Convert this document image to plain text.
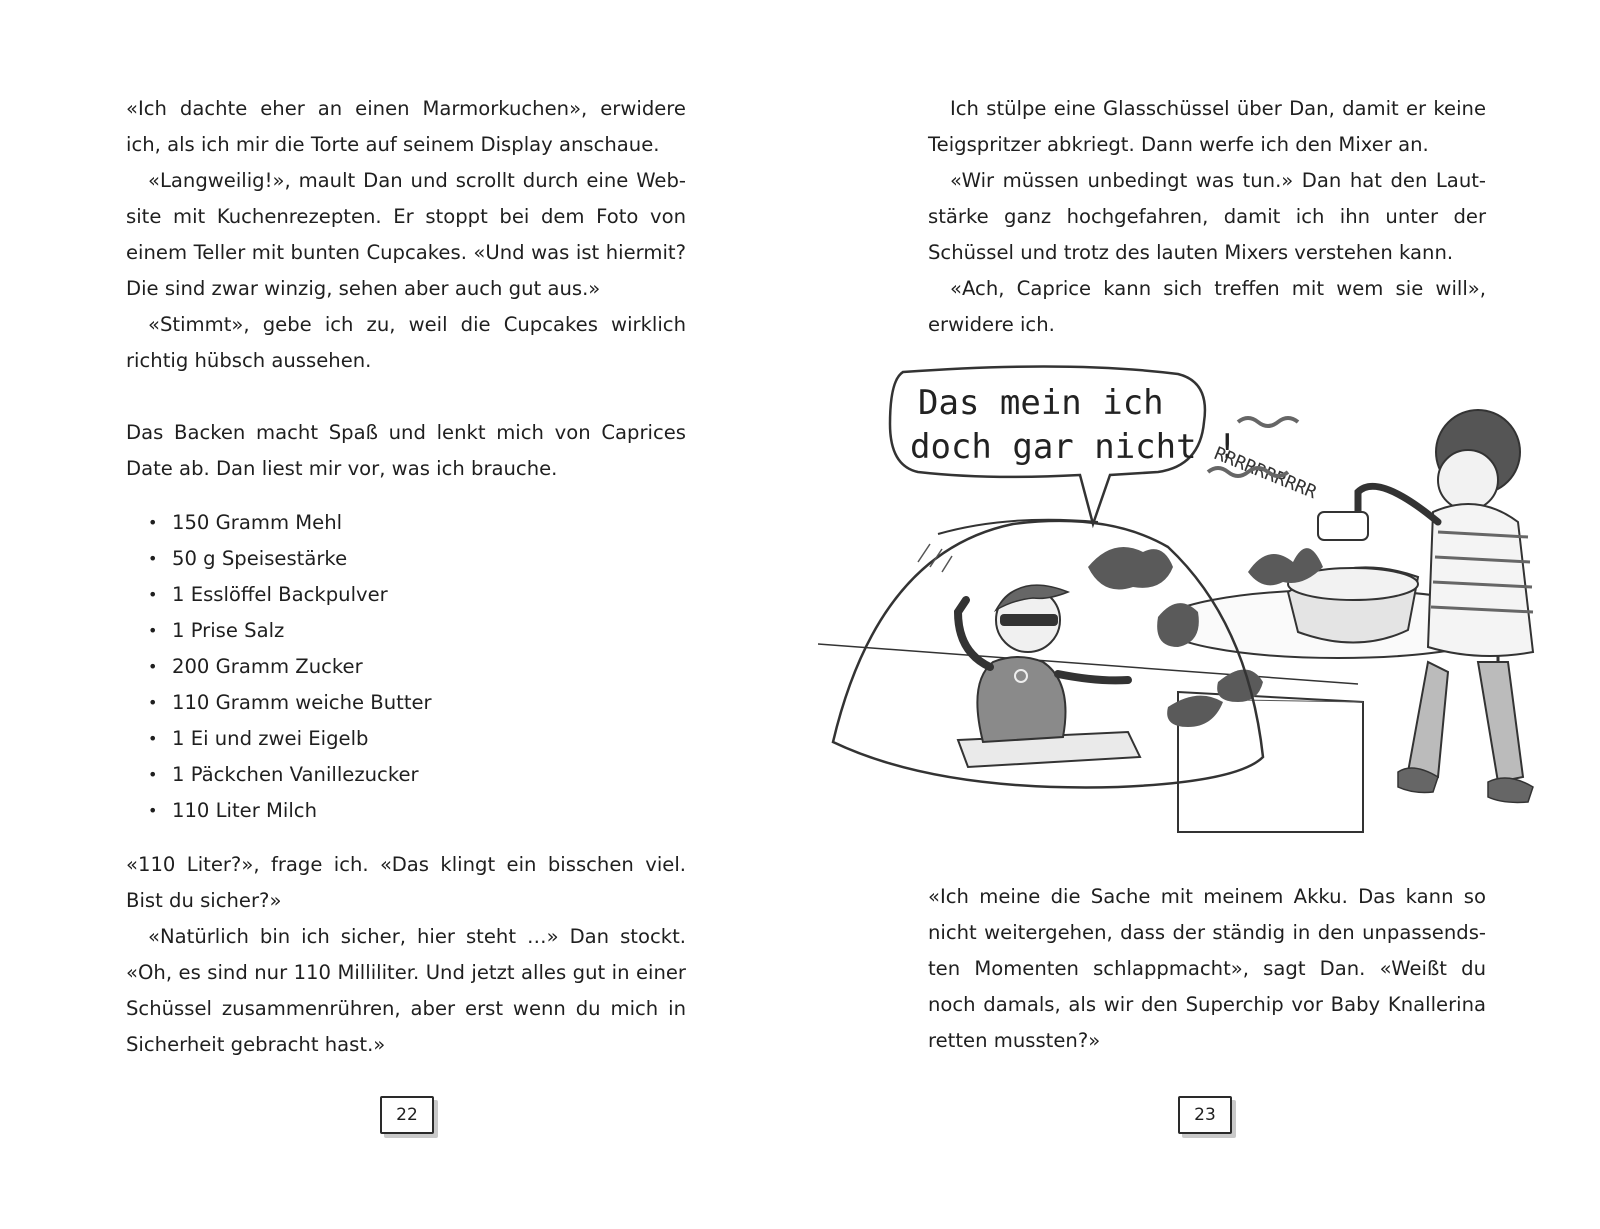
«Ich dachte eher an einen Marmorkuchen», erwidere ich, als ich mir die Torte auf seinem Display anschaue.

«Langweilig!», mault Dan und scrollt durch eine Website mit Kuchenrezepten. Er stoppt bei dem Foto von einem Teller mit bunten Cupcakes. «Und was ist hiermit? Die sind zwar winzig, sehen aber auch gut aus.»

«Stimmt», gebe ich zu, weil die Cupcakes wirklich richtig hübsch aussehen.

Das Backen macht Spaß und lenkt mich von Caprices Date ab. Dan liest mir vor, was ich brauche.

• 150 Gramm Mehl
• 50 g Speisestärke
• 1 Esslöffel Backpulver
• 1 Prise Salz
• 200 Gramm Zucker
• 110 Gramm weiche Butter
• 1 Ei und zwei Eigelb
• 1 Päckchen Vanillezucker
• 110 Liter Milch

«110 Liter?», frage ich. «Das klingt ein bisschen viel. Bist du sicher?»

«Natürlich bin ich sicher, hier steht …» Dan stockt. «Oh, es sind nur 110 Milliliter. Und jetzt alles gut in einer Schüssel zusammenrühren, aber erst wenn du mich in Sicherheit gebracht hast.»

22

Ich stülpe eine Glasschüssel über Dan, damit er keine Teigspritzer abkriegt. Dann werfe ich den Mixer an.

«Wir müssen unbedingt was tun.» Dan hat den Lautstärke ganz hochgefahren, damit ich ihn unter der Schüssel und trotz des lauten Mixers verstehen kann.

«Ach, Caprice kann sich treffen mit wem sie will», erwidere ich.

Das mein ich
doch gar nicht !
RRRRRRRRRR

«Ich meine die Sache mit meinem Akku. Das kann so nicht weitergehen, dass der ständig in den unpassendsten Momenten schlappmacht», sagt Dan. «Weißt du noch damals, als wir den Superchip vor Baby Knallerina retten mussten?»

23
